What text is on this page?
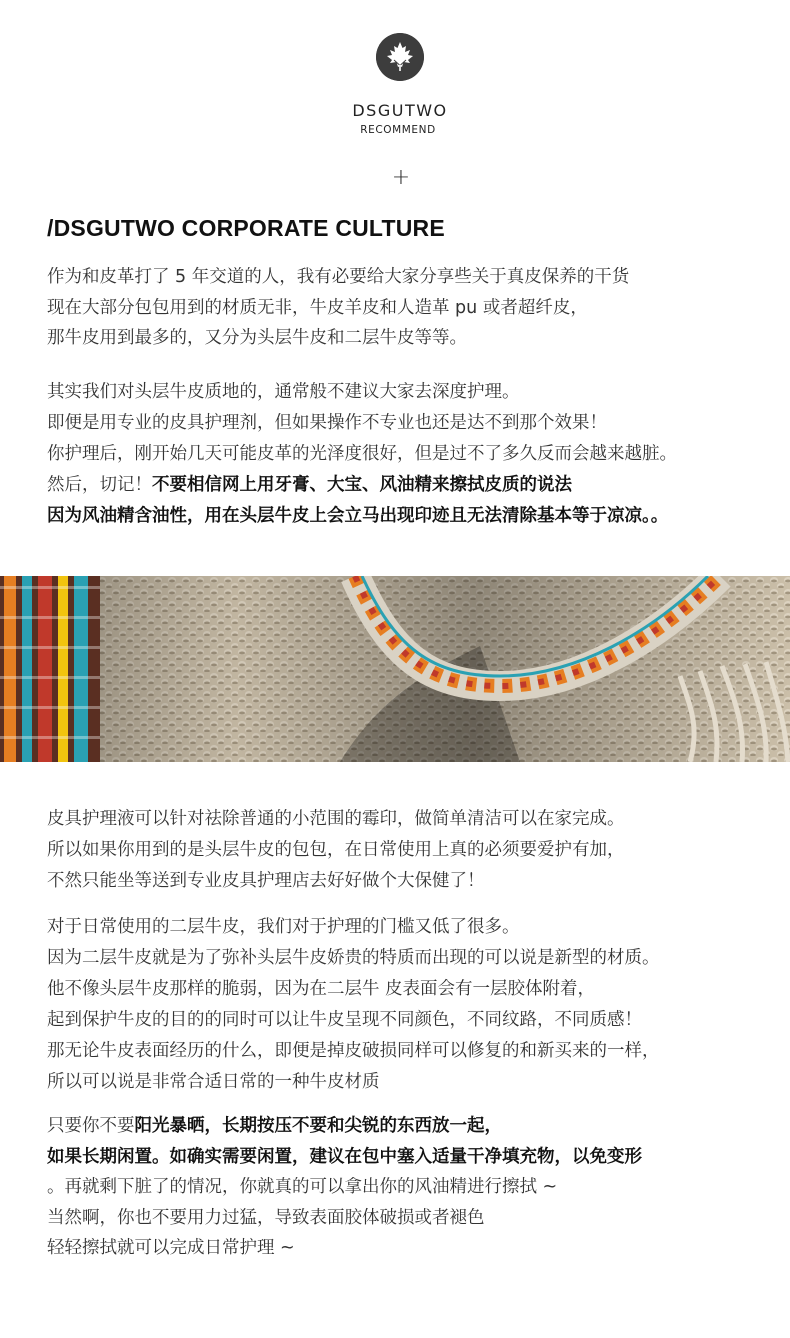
DSGUTWO
RECOMMEND
+
/DSGUTWO CORPORATE CULTURE
作为和皮革打了 5 年交道的人，我有必要给大家分享些关于真皮保养的干货
现在大部分包包用到的材质无非，牛皮羊皮和人造革 pu 或者超纤皮，
那牛皮用到最多的，又分为头层牛皮和二层牛皮等等。
其实我们对头层牛皮质地的，通常般不建议大家去深度护理。
即便是用专业的皮具护理剂，但如果操作不专业也还是达不到那个效果！
你护理后，刚开始几天可能皮革的光泽度很好，但是过不了多久反而会越来越脏。
然后，切记！不要相信网上用牙膏、大宝、风油精来擦拭皮质的说法
因为风油精含油性，用在头层牛皮上会立马出现印迹且无法清除基本等于凉凉。。
皮具护理液可以针对祛除普通的小范围的霉印，做简单清洁可以在家完成。
所以如果你用到的是头层牛皮的包包，在日常使用上真的必须要爱护有加，
不然只能坐等送到专业皮具护理店去好好做个大保健了！
对于日常使用的二层牛皮，我们对于护理的门槛又低了很多。
因为二层牛皮就是为了弥补头层牛皮娇贵的特质而出现的可以说是新型的材质。
他不像头层牛皮那样的脆弱，因为在二层牛 皮表面会有一层胶体附着，
起到保护牛皮的目的的同时可以让牛皮呈现不同颜色，不同纹路，不同质感！
那无论牛皮表面经历的什么，即便是掉皮破损同样可以修复的和新买来的一样，
所以可以说是非常合适日常的一种牛皮材质
只要你不要阳光暴晒，长期按压不要和尖锐的东西放一起，
如果长期闲置。如确实需要闲置，建议在包中塞入适量干净填充物，以免变形
。再就剩下脏了的情况，你就真的可以拿出你的风油精进行擦拭 ~
当然啊，你也不要用力过猛，导致表面胶体破损或者褪色
轻轻擦拭就可以完成日常护理 ~
